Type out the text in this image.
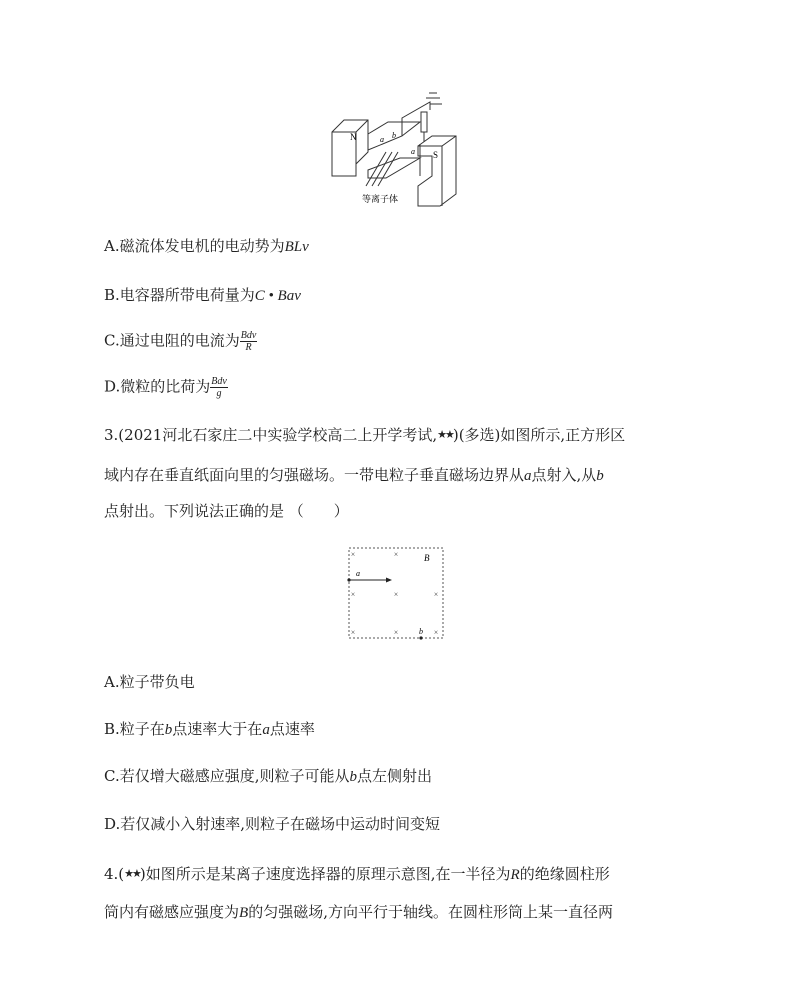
N
S
a b
a
等离子体
A.磁流体发电机的电动势为BLv
B.电容器所带电荷量为C • Bav
C.通过电阻的电流为 $\frac{\text{Bdv}}{R}$
D.微粒的比荷为 $\frac{\text{Bdv}}{g}$
3.(2021河北石家庄二中实验学校高二上开学考试,★★)(多选)如图所示,正方形区
域内存在垂直纸面向里的匀强磁场。一带电粒子垂直磁场边界从a点射入,从b
点射出。下列说法正确的是 （　　）
×
×
×
×
×
×
×
×
B
a
b
A.粒子带负电
B.粒子在b点速率大于在a点速率
C.若仅增大磁感应强度,则粒子可能从b点左侧射出
D.若仅减小入射速率,则粒子在磁场中运动时间变短
4.(★★)如图所示是某离子速度选择器的原理示意图,在一半径为R的绝缘圆柱形
筒内有磁感应强度为B的匀强磁场,方向平行于轴线。在圆柱形筒上某一直径两
